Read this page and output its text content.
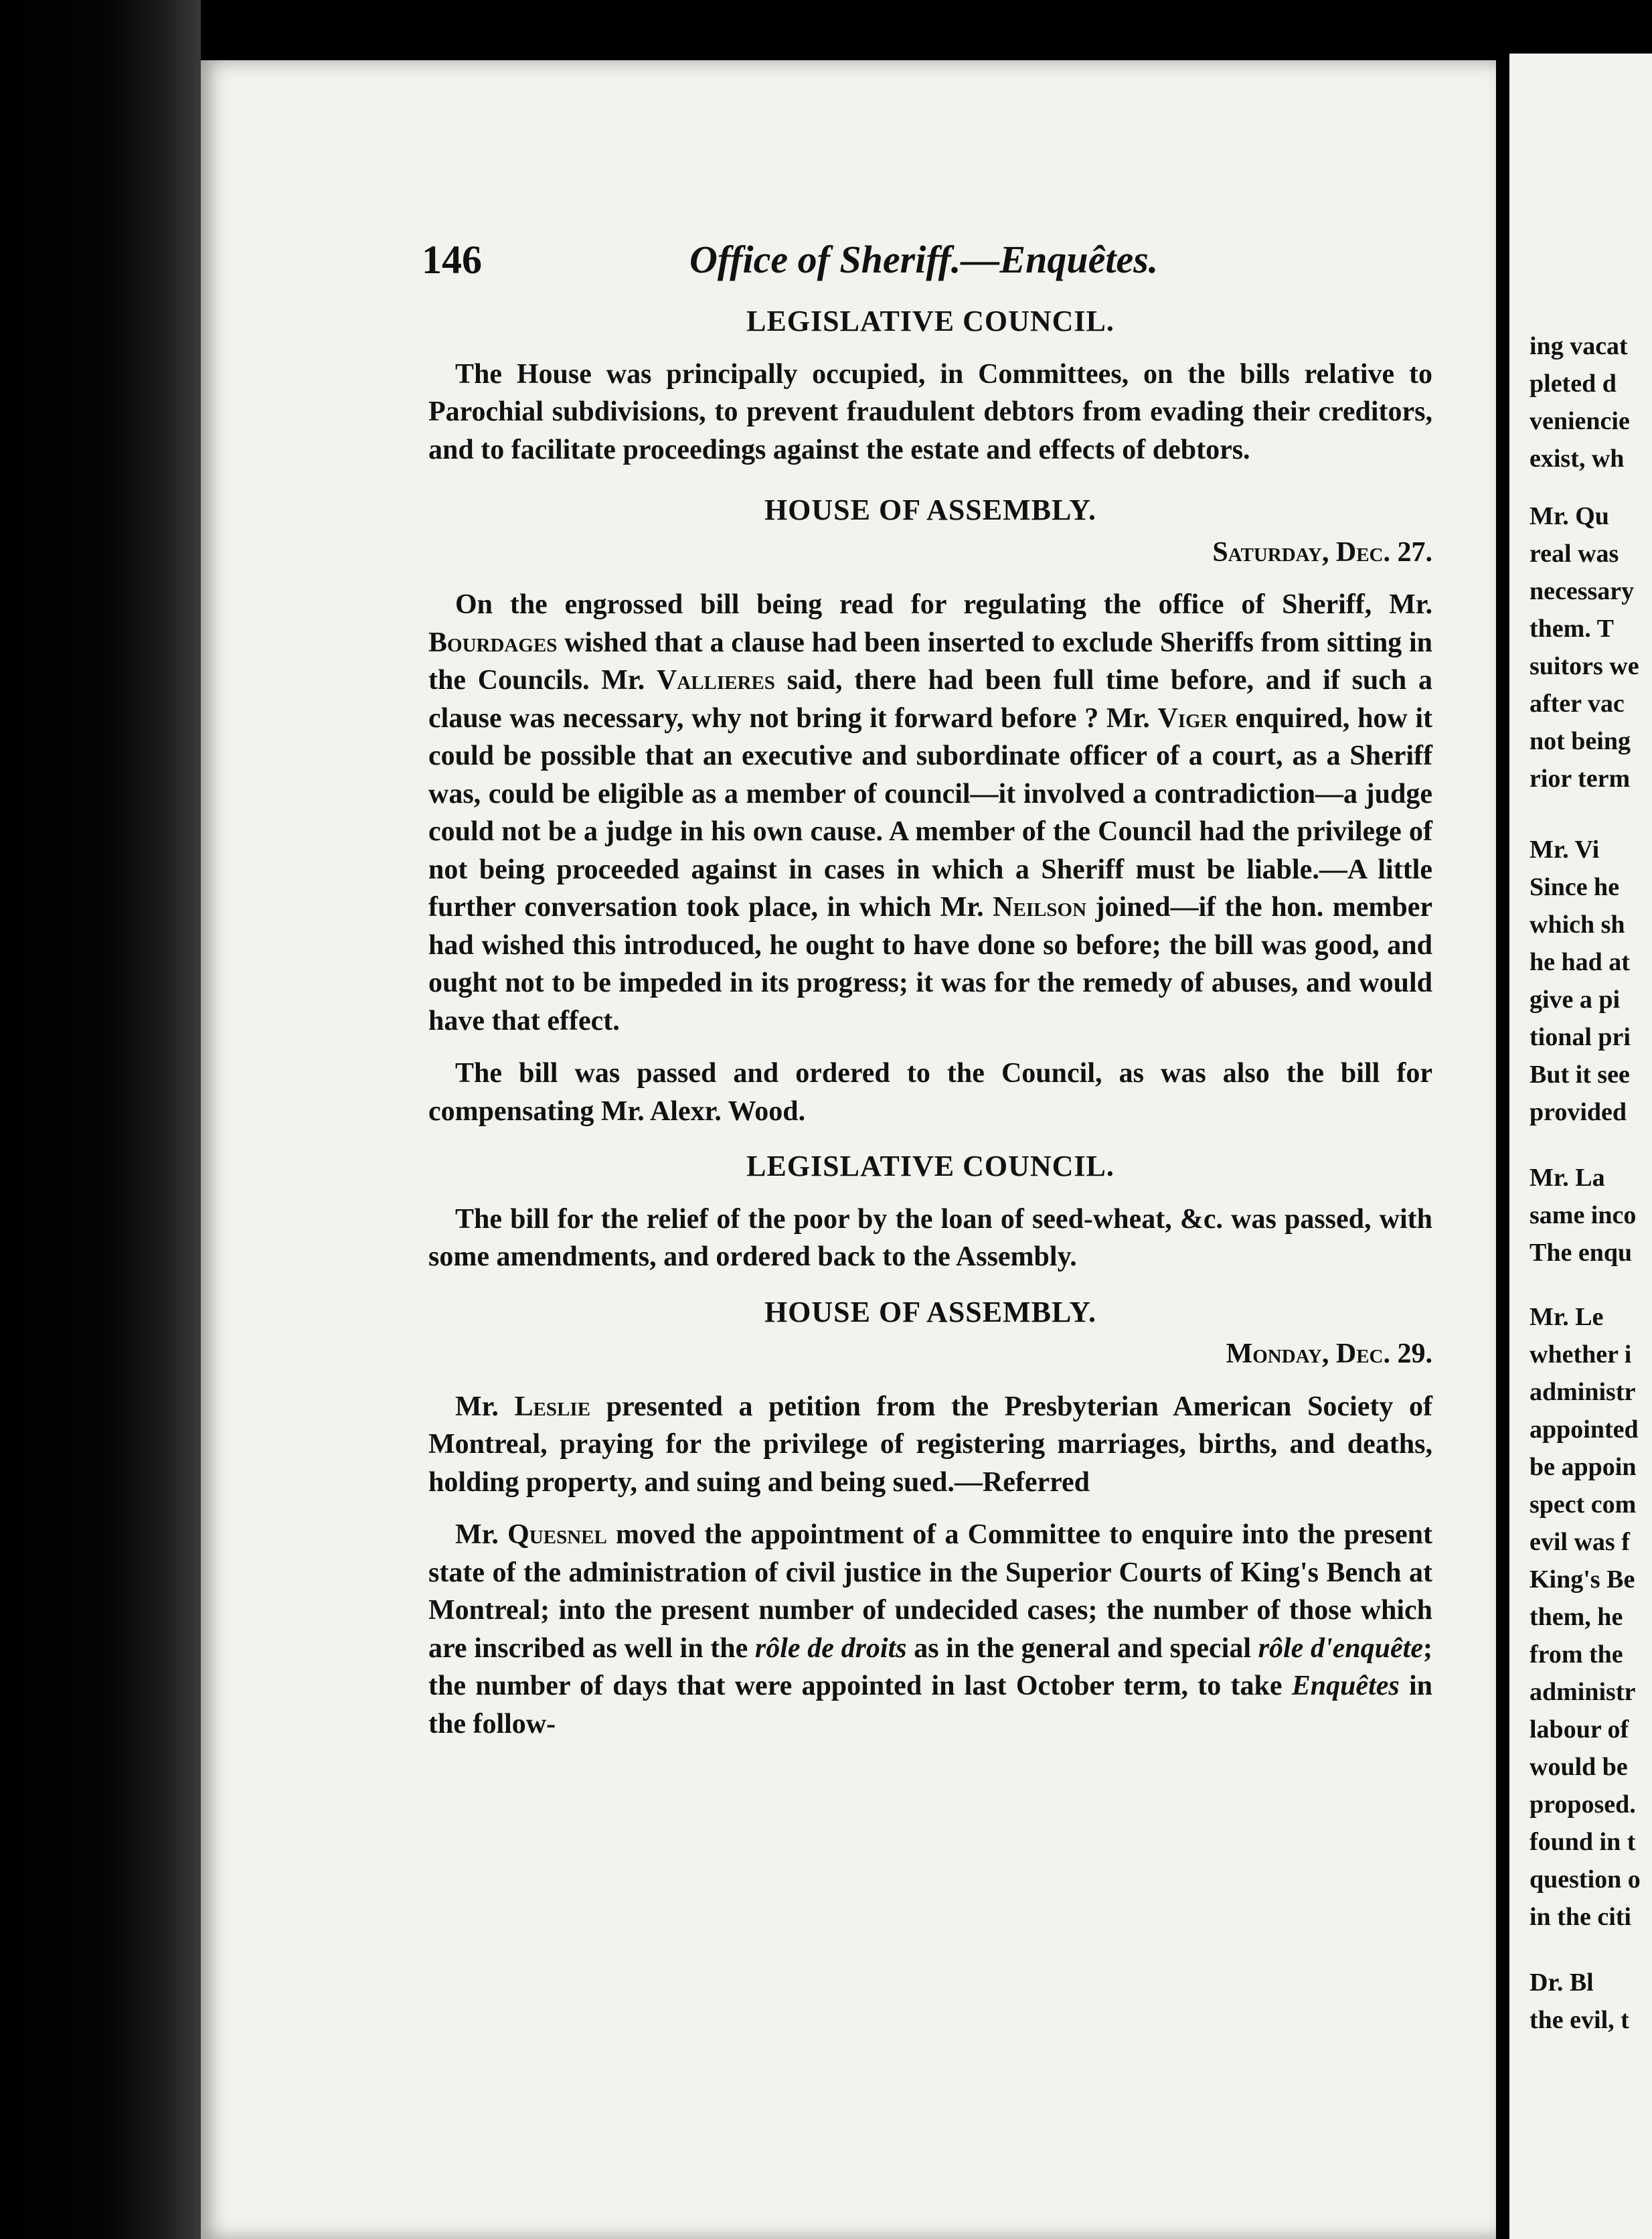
146	Office of Sheriff.—Enquêtes.

LEGISLATIVE COUNCIL.

The House was principally occupied, in Committees, on the bills relative to Parochial subdivisions, to prevent fraudulent debtors from evading their creditors, and to facilitate proceedings against the estate and effects of debtors.

HOUSE OF ASSEMBLY.

Saturday, Dec. 27.

On the engrossed bill being read for regulating the office of Sheriff, Mr. Bourdages wished that a clause had been inserted to exclude Sheriffs from sitting in the Councils. Mr. Vallieres said, there had been full time before, and if such a clause was necessary, why not bring it forward before ? Mr. Viger enquired, how it could be possible that an executive and subordinate officer of a court, as a Sheriff was, could be eligible as a member of council—it involved a contradiction—a judge could not be a judge in his own cause. A member of the Council had the privilege of not being proceeded against in cases in which a Sheriff must be liable.—A little further conversation took place, in which Mr. Neilson joined—if the hon. member had wished this introduced, he ought to have done so before; the bill was good, and ought not to be impeded in its progress; it was for the remedy of abuses, and would have that effect.

The bill was passed and ordered to the Council, as was also the bill for compensating Mr. Alexr. Wood.

LEGISLATIVE COUNCIL.

The bill for the relief of the poor by the loan of seed-wheat, &c. was passed, with some amendments, and ordered back to the Assembly.

HOUSE OF ASSEMBLY.

Monday, Dec. 29.

Mr. Leslie presented a petition from the Presbyterian American Society of Montreal, praying for the privilege of registering marriages, births, and deaths, holding property, and suing and being sued.—Referred

Mr. Quesnel moved the appointment of a Committee to enquire into the present state of the administration of civil justice in the Superior Courts of King's Bench at Montreal; into the present number of undecided cases; the number of those which are inscribed as well in the rôle de droits as in the general and special rôle d'enquête; the number of days that were appointed in last October term, to take Enquêtes in the follow-

ing vacat
pleted d
veniencie
exist, wh
Mr. Qu
real was
necessary
them. T
suitors we
after vac
not being
rior term
Mr. Vi
Since he
which sh
he had at
give a pi
tional pri
But it see
provided
Mr. La
same inco
The enqu
Mr. Le
whether i
administr
appointed
be appoin
spect com
evil was f
King's Be
them, he
from the
administr
labour of
would be
proposed.
found in t
question o
in the citi
Dr. Bl
the evil, t
